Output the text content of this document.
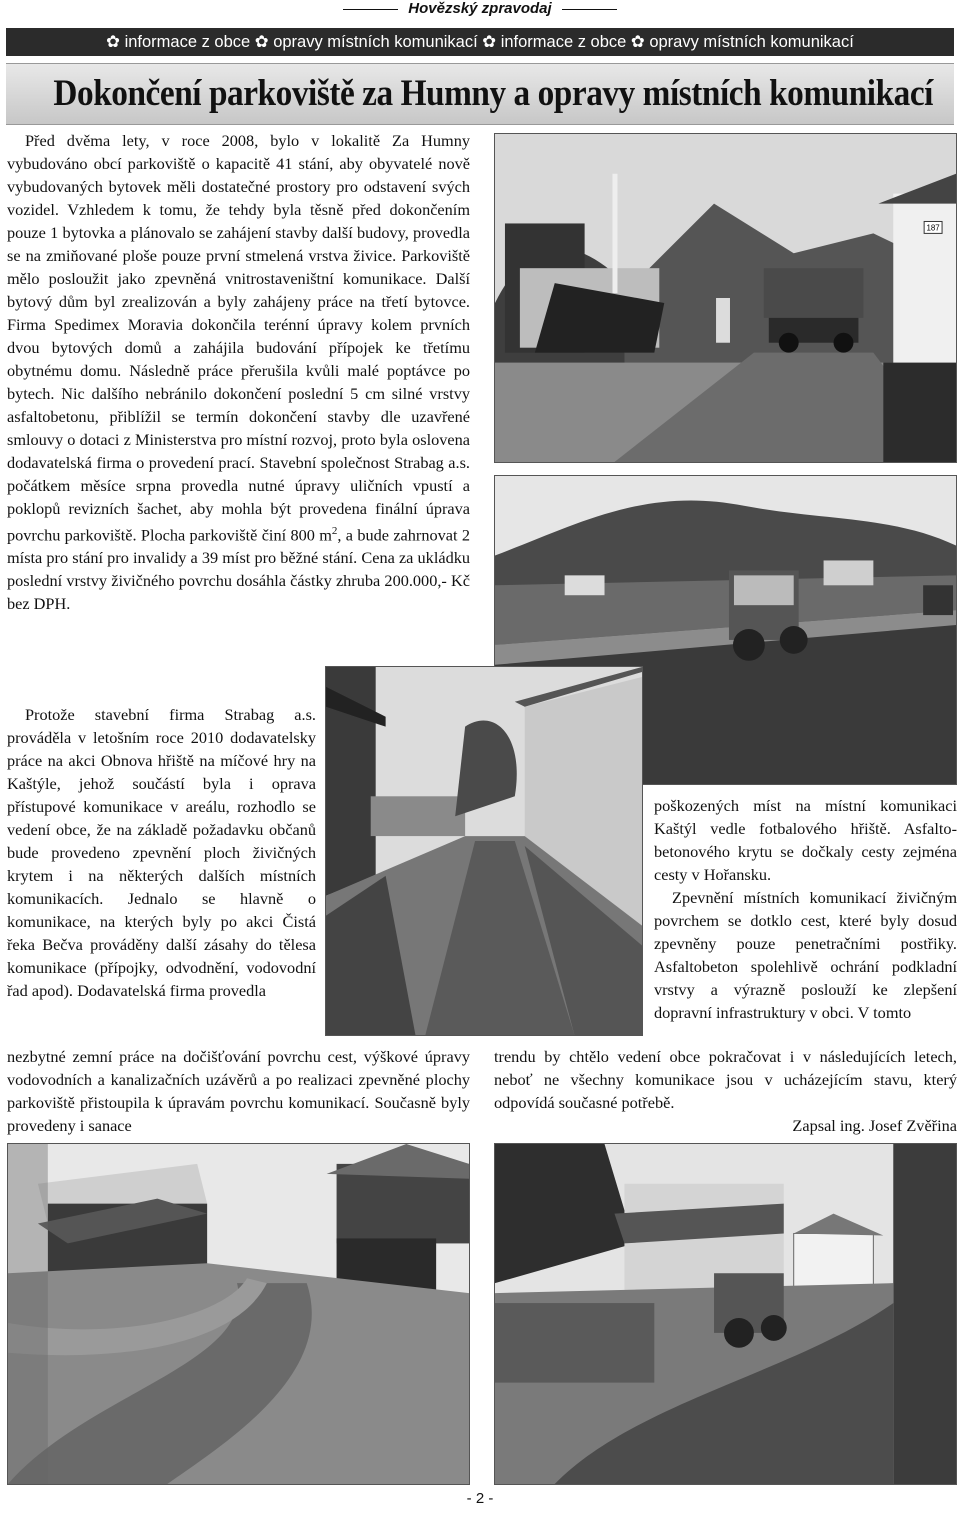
Hovězský zpravodaj
✿ informace z obce ✿ opravy místních komunikací ✿ informace z obce ✿ opravy místních komunikací
Dokončení parkoviště za Humny a opravy místních komunikací

Před dvěma lety, v roce 2008, bylo v lokalitě Za Humny vybudováno obcí parkoviště o kapacitě 41 stání, aby obyvatelé nově vybudovaných bytovek měli dostatečné prostory pro odstavení svých vozidel. Vzhledem k tomu, že tehdy byla těsně před dokončením pouze 1 bytovka a plánovalo se zahájení stavby další budovy, provedla se na zmiňované ploše pouze první stmelená vrstva živice. Parkoviště mělo posloužit jako zpevněná vnitrostaveništní komunikace. Další bytový dům byl zrealizován a byly zahájeny práce na třetí bytovce. Firma Spedimex Moravia dokončila terénní úpravy kolem prvních dvou bytových domů a zahájila budování přípojek ke třetímu obytnému domu. Následně práce přerušila kvůli malé poptávce po bytech. Nic dalšího nebránilo dokončení poslední 5 cm silné vrstvy asfaltobetonu, přiblížil se termín dokončení stavby dle uzavřené smlouvy o dotaci z Ministerstva pro místní rozvoj, proto byla oslovena dodavatelská firma o provedení prací. Stavební společnost Strabag a.s. počátkem měsíce srpna provedla nutné úpravy uličních vpustí a poklopů revizních šachet, aby mohla být provedena finální úprava povrchu parkoviště. Plocha parkoviště činí 800 $m^2$, a bude zahrnovat 2 místa pro stání pro invalidy a 39 míst pro běžné stání. Cena za ukládku poslední vrstvy živičného povrchu dosáhla částky zhruba 200.000,- Kč bez DPH.

Protože stavební firma Strabag a.s. prováděla v letošním roce 2010 dodavatelsky práce na akci Obnova hřiště na míčové hry na Kaštýle, jehož součástí byla i oprava přístupové komunikace v areálu, rozhodlo se vedení obce, že na základě požadavku občanů bude provedeno zpevnění ploch živičných krytem i na některých dalších místních komunikacích. Jednalo se hlavně o komunikace, na kterých byly po akci Čistá řeka Bečva prováděny další zásahy do tělesa komunikace (přípojky, odvodnění, vodovodní řad apod). Dodavatelská firma provedla

nezbytné zemní práce na dočišťování povrchu cest, výškové úpravy vodovodních a kanalizačních uzávěrů a po realizaci zpevněné plochy parkoviště přistoupila k úpravám povrchu komunikací. Současně byly provedeny i sanace

poškozených míst na místní komunikaci Kaštýl vedle fotbalového hřiště. Asfalto-betonového krytu se dočkaly cesty zejména cesty v Hořansku.

Zpevnění místních komunikací živičným povrchem se dotklo cest, které byly dosud zpevněny pouze penetračními postřiky. Asfaltobeton spolehlivě ochrání podkladní vrstvy a výrazně poslouží ke zlepšení dopravní infrastruktury v obci. V tomto

trendu by chtělo vedení obce pokračovat i v následujících letech, neboť ne všechny komunikace jsou v ucházejícím stavu, který odpovídá současné potřebě.

Zapsal ing. Josef Zvěřina

187
- 2 -
